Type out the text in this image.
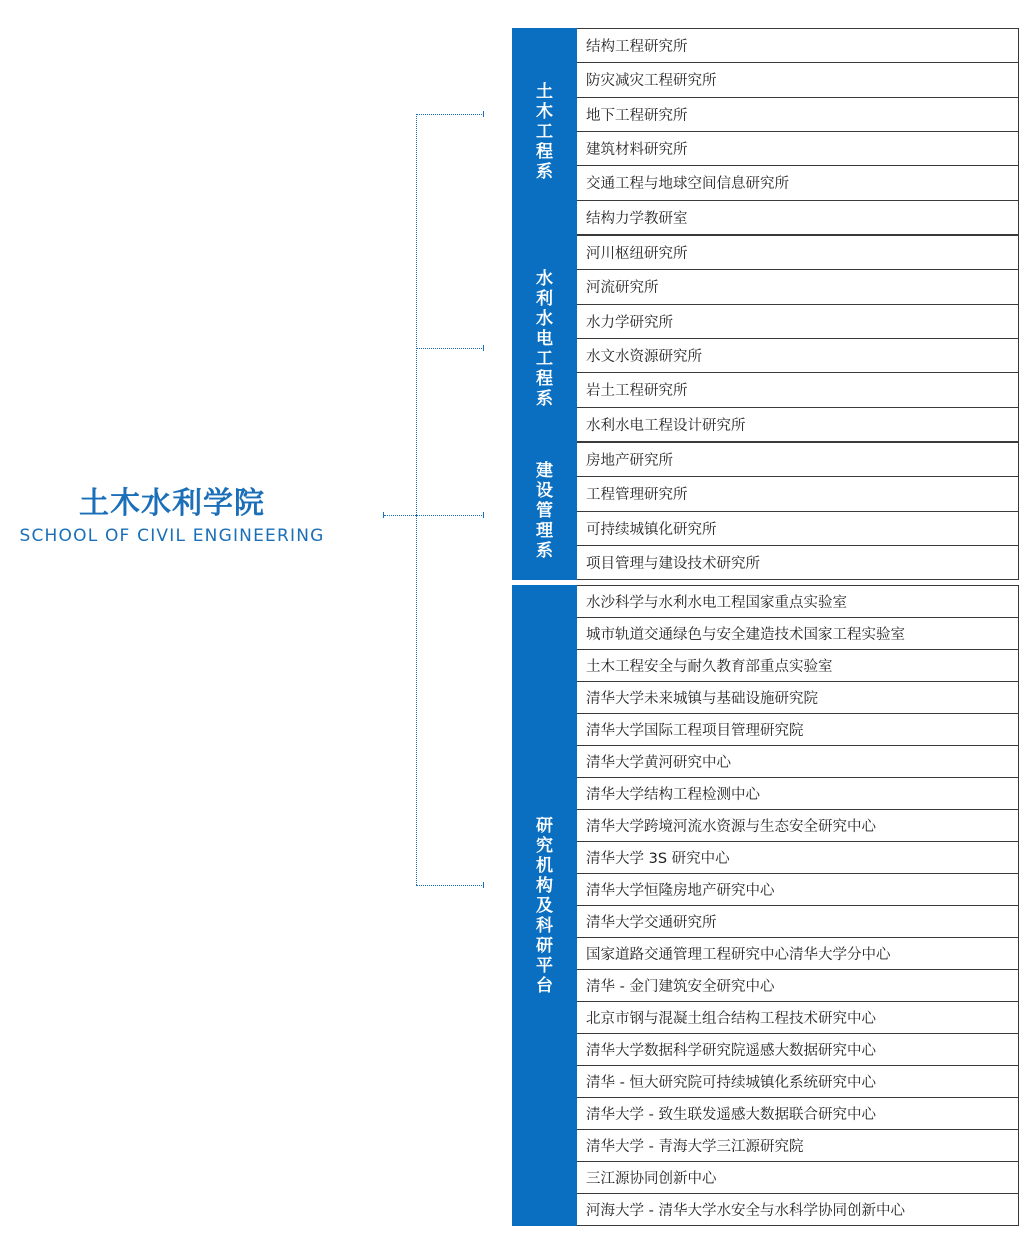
土木水利学院
SCHOOL OF CIVIL ENGINEERING
土木工程系
结构工程研究所
防灾减灾工程研究所
地下工程研究所
建筑材料研究所
交通工程与地球空间信息研究所
结构力学教研室
水利水电工程系
河川枢纽研究所
河流研究所
水力学研究所
水文水资源研究所
岩土工程研究所
水利水电工程设计研究所
建设管理系
房地产研究所
工程管理研究所
可持续城镇化研究所
项目管理与建设技术研究所
研究机构及科研平台
水沙科学与水利水电工程国家重点实验室
城市轨道交通绿色与安全建造技术国家工程实验室
土木工程安全与耐久教育部重点实验室
清华大学未来城镇与基础设施研究院
清华大学国际工程项目管理研究院
清华大学黄河研究中心
清华大学结构工程检测中心
清华大学跨境河流水资源与生态安全研究中心
清华大学 3S 研究中心
清华大学恒隆房地产研究中心
清华大学交通研究所
国家道路交通管理工程研究中心清华大学分中心
清华 - 金门建筑安全研究中心
北京市钢与混凝土组合结构工程技术研究中心
清华大学数据科学研究院遥感大数据研究中心
清华 - 恒大研究院可持续城镇化系统研究中心
清华大学 - 致生联发遥感大数据联合研究中心
清华大学 - 青海大学三江源研究院
三江源协同创新中心
河海大学 - 清华大学水安全与水科学协同创新中心
